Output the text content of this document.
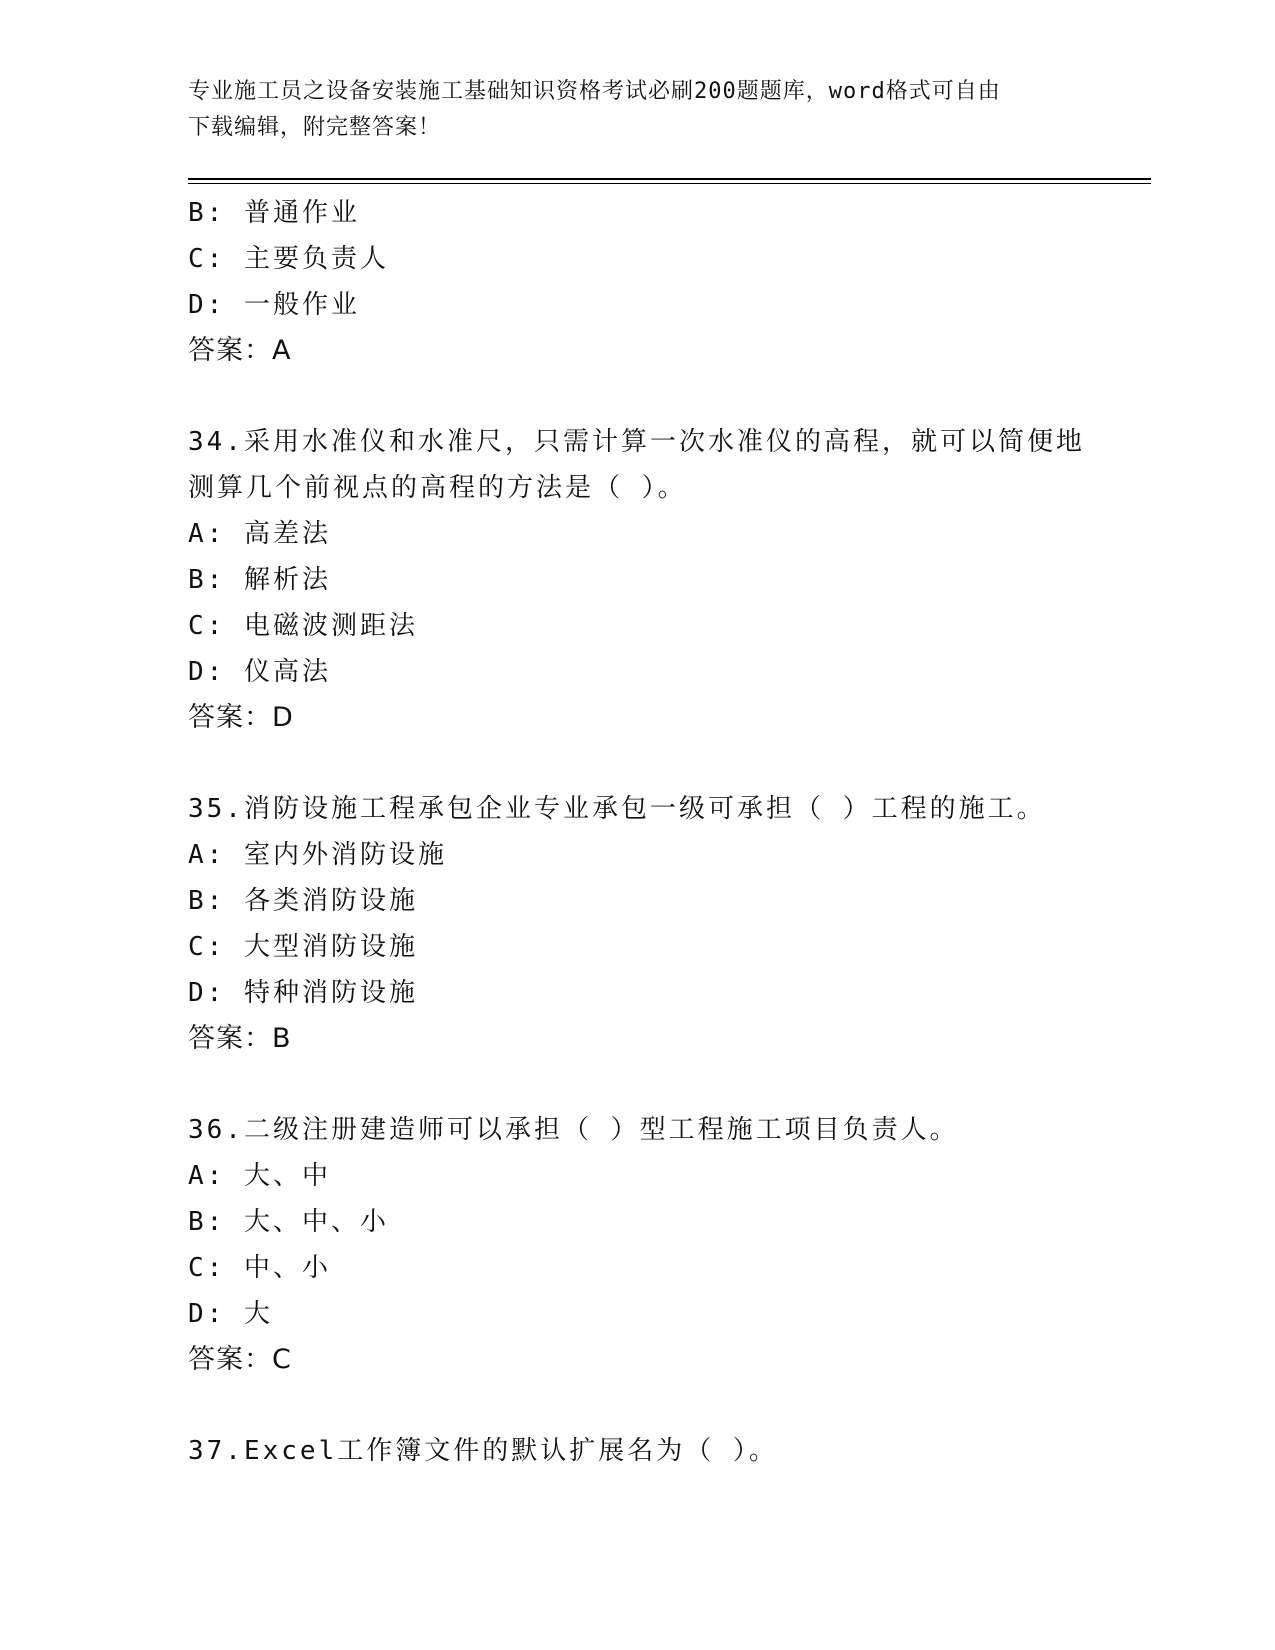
专业施工员之设备安装施工基础知识资格考试必刷200题题库，word格式可自由
下载编辑，附完整答案！
B: 普通作业
C: 主要负责人
D: 一般作业
答案：A
34.采用水准仪和水准尺，只需计算一次水准仪的高程，就可以简便地
测算几个前视点的高程的方法是（ ）。
A: 高差法
B: 解析法
C: 电磁波测距法
D: 仪高法
答案：D
35.消防设施工程承包企业专业承包一级可承担（ ）工程的施工。
A: 室内外消防设施
B: 各类消防设施
C: 大型消防设施
D: 特种消防设施
答案：B
36.二级注册建造师可以承担（ ）型工程施工项目负责人。
A: 大、中
B: 大、中、小
C: 中、小
D: 大
答案：C
37.Excel工作簿文件的默认扩展名为（ ）。
